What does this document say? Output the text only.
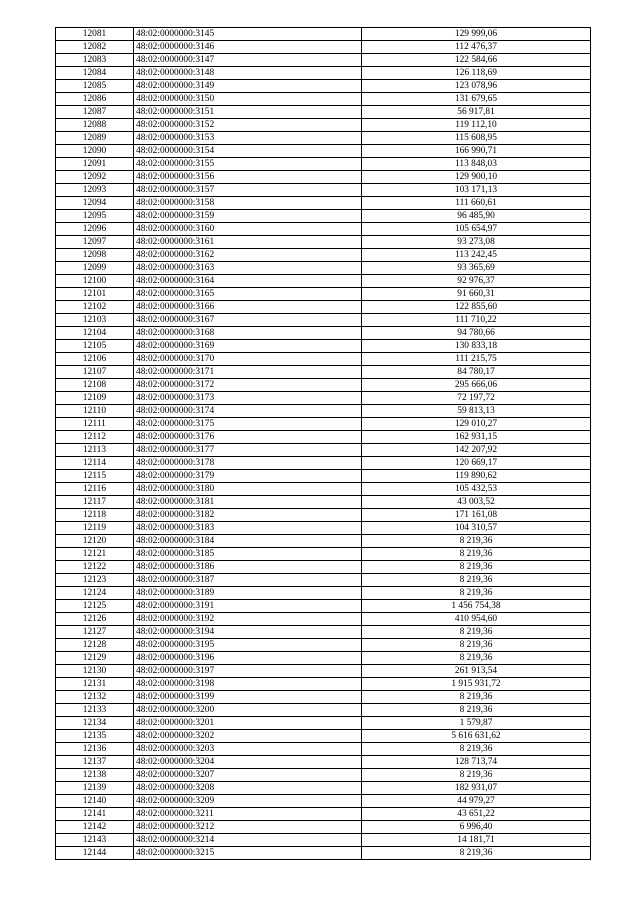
12081	48:02:0000000:3145	129 999,06
12082	48:02:0000000:3146	112 476,37
12083	48:02:0000000:3147	122 584,66
12084	48:02:0000000:3148	126 118,69
12085	48:02:0000000:3149	123 078,96
12086	48:02:0000000:3150	131 679,65
12087	48:02:0000000:3151	56 917,81
12088	48:02:0000000:3152	119 112,10
12089	48:02:0000000:3153	115 608,95
12090	48:02:0000000:3154	166 990,71
12091	48:02:0000000:3155	113 848,03
12092	48:02:0000000:3156	129 900,10
12093	48:02:0000000:3157	103 171,13
12094	48:02:0000000:3158	111 660,61
12095	48:02:0000000:3159	96 485,90
12096	48:02:0000000:3160	105 654,97
12097	48:02:0000000:3161	93 273,08
12098	48:02:0000000:3162	113 242,45
12099	48:02:0000000:3163	93 365,69
12100	48:02:0000000:3164	92 976,37
12101	48:02:0000000:3165	91 660,31
12102	48:02:0000000:3166	122 855,60
12103	48:02:0000000:3167	111 710,22
12104	48:02:0000000:3168	94 780,66
12105	48:02:0000000:3169	130 833,18
12106	48:02:0000000:3170	111 215,75
12107	48:02:0000000:3171	84 780,17
12108	48:02:0000000:3172	295 666,06
12109	48:02:0000000:3173	72 197,72
12110	48:02:0000000:3174	59 813,13
12111	48:02:0000000:3175	129 010,27
12112	48:02:0000000:3176	162 931,15
12113	48:02:0000000:3177	142 207,92
12114	48:02:0000000:3178	120 669,17
12115	48:02:0000000:3179	119 890,62
12116	48:02:0000000:3180	105 432,53
12117	48:02:0000000:3181	43 003,52
12118	48:02:0000000:3182	171 161,08
12119	48:02:0000000:3183	104 310,57
12120	48:02:0000000:3184	8 219,36
12121	48:02:0000000:3185	8 219,36
12122	48:02:0000000:3186	8 219,36
12123	48:02:0000000:3187	8 219,36
12124	48:02:0000000:3189	8 219,36
12125	48:02:0000000:3191	1 456 754,38
12126	48:02:0000000:3192	410 954,60
12127	48:02:0000000:3194	8 219,36
12128	48:02:0000000:3195	8 219,36
12129	48:02:0000000:3196	8 219,36
12130	48:02:0000000:3197	261 913,54
12131	48:02:0000000:3198	1 915 931,72
12132	48:02:0000000:3199	8 219,36
12133	48:02:0000000:3200	8 219,36
12134	48:02:0000000:3201	1 579,87
12135	48:02:0000000:3202	5 616 631,62
12136	48:02:0000000:3203	8 219,36
12137	48:02:0000000:3204	128 713,74
12138	48:02:0000000:3207	8 219,36
12139	48:02:0000000:3208	182 931,07
12140	48:02:0000000:3209	44 979,27
12141	48:02:0000000:3211	43 651,22
12142	48:02:0000000:3212	6 996,40
12143	48:02:0000000:3214	14 181,71
12144	48:02:0000000:3215	8 219,36
